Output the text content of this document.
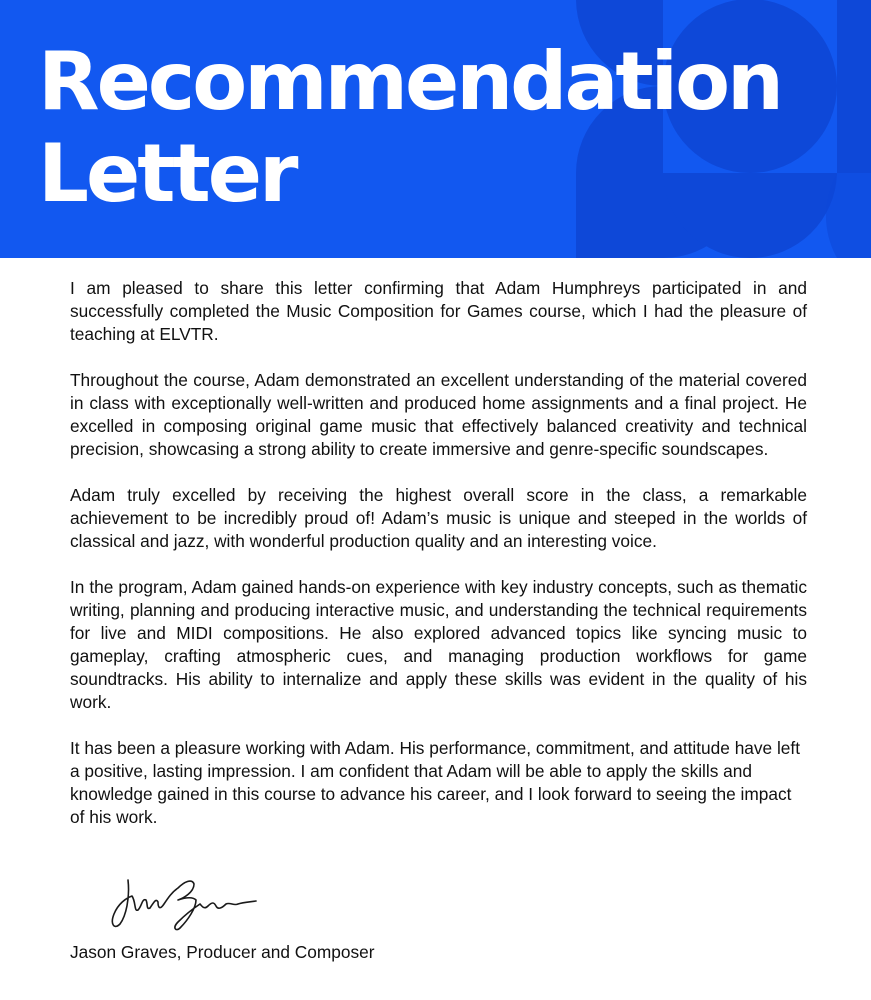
Recommendation
Letter

I am pleased to share this letter confirming that Adam Humphreys participated in and successfully completed the Music Composition for Games course, which I had the pleasure of teaching at ELVTR.

Throughout the course, Adam demonstrated an excellent understanding of the material covered in class with exceptionally well-written and produced home assignments and a final project. He excelled in composing original game music that effectively balanced creativity and technical precision, showcasing a strong ability to create immersive and genre-specific soundscapes.

Adam truly excelled by receiving the highest overall score in the class, a remarkable achievement to be incredibly proud of! Adam’s music is unique and steeped in the worlds of classical and jazz, with wonderful production quality and an interesting voice.

In the program, Adam gained hands-on experience with key industry concepts, such as thematic writing, planning and producing interactive music, and understanding the technical requirements for live and MIDI compositions. He also explored advanced topics like syncing music to gameplay, crafting atmospheric cues, and managing production workflows for game soundtracks. His ability to internalize and apply these skills was evident in the quality of his work.

It has been a pleasure working with Adam. His performance, commitment, and attitude have left a positive, lasting impression. I am confident that Adam will be able to apply the skills and knowledge gained in this course to advance his career, and I look forward to seeing the impact of his work.

Jason Graves, Producer and Composer
